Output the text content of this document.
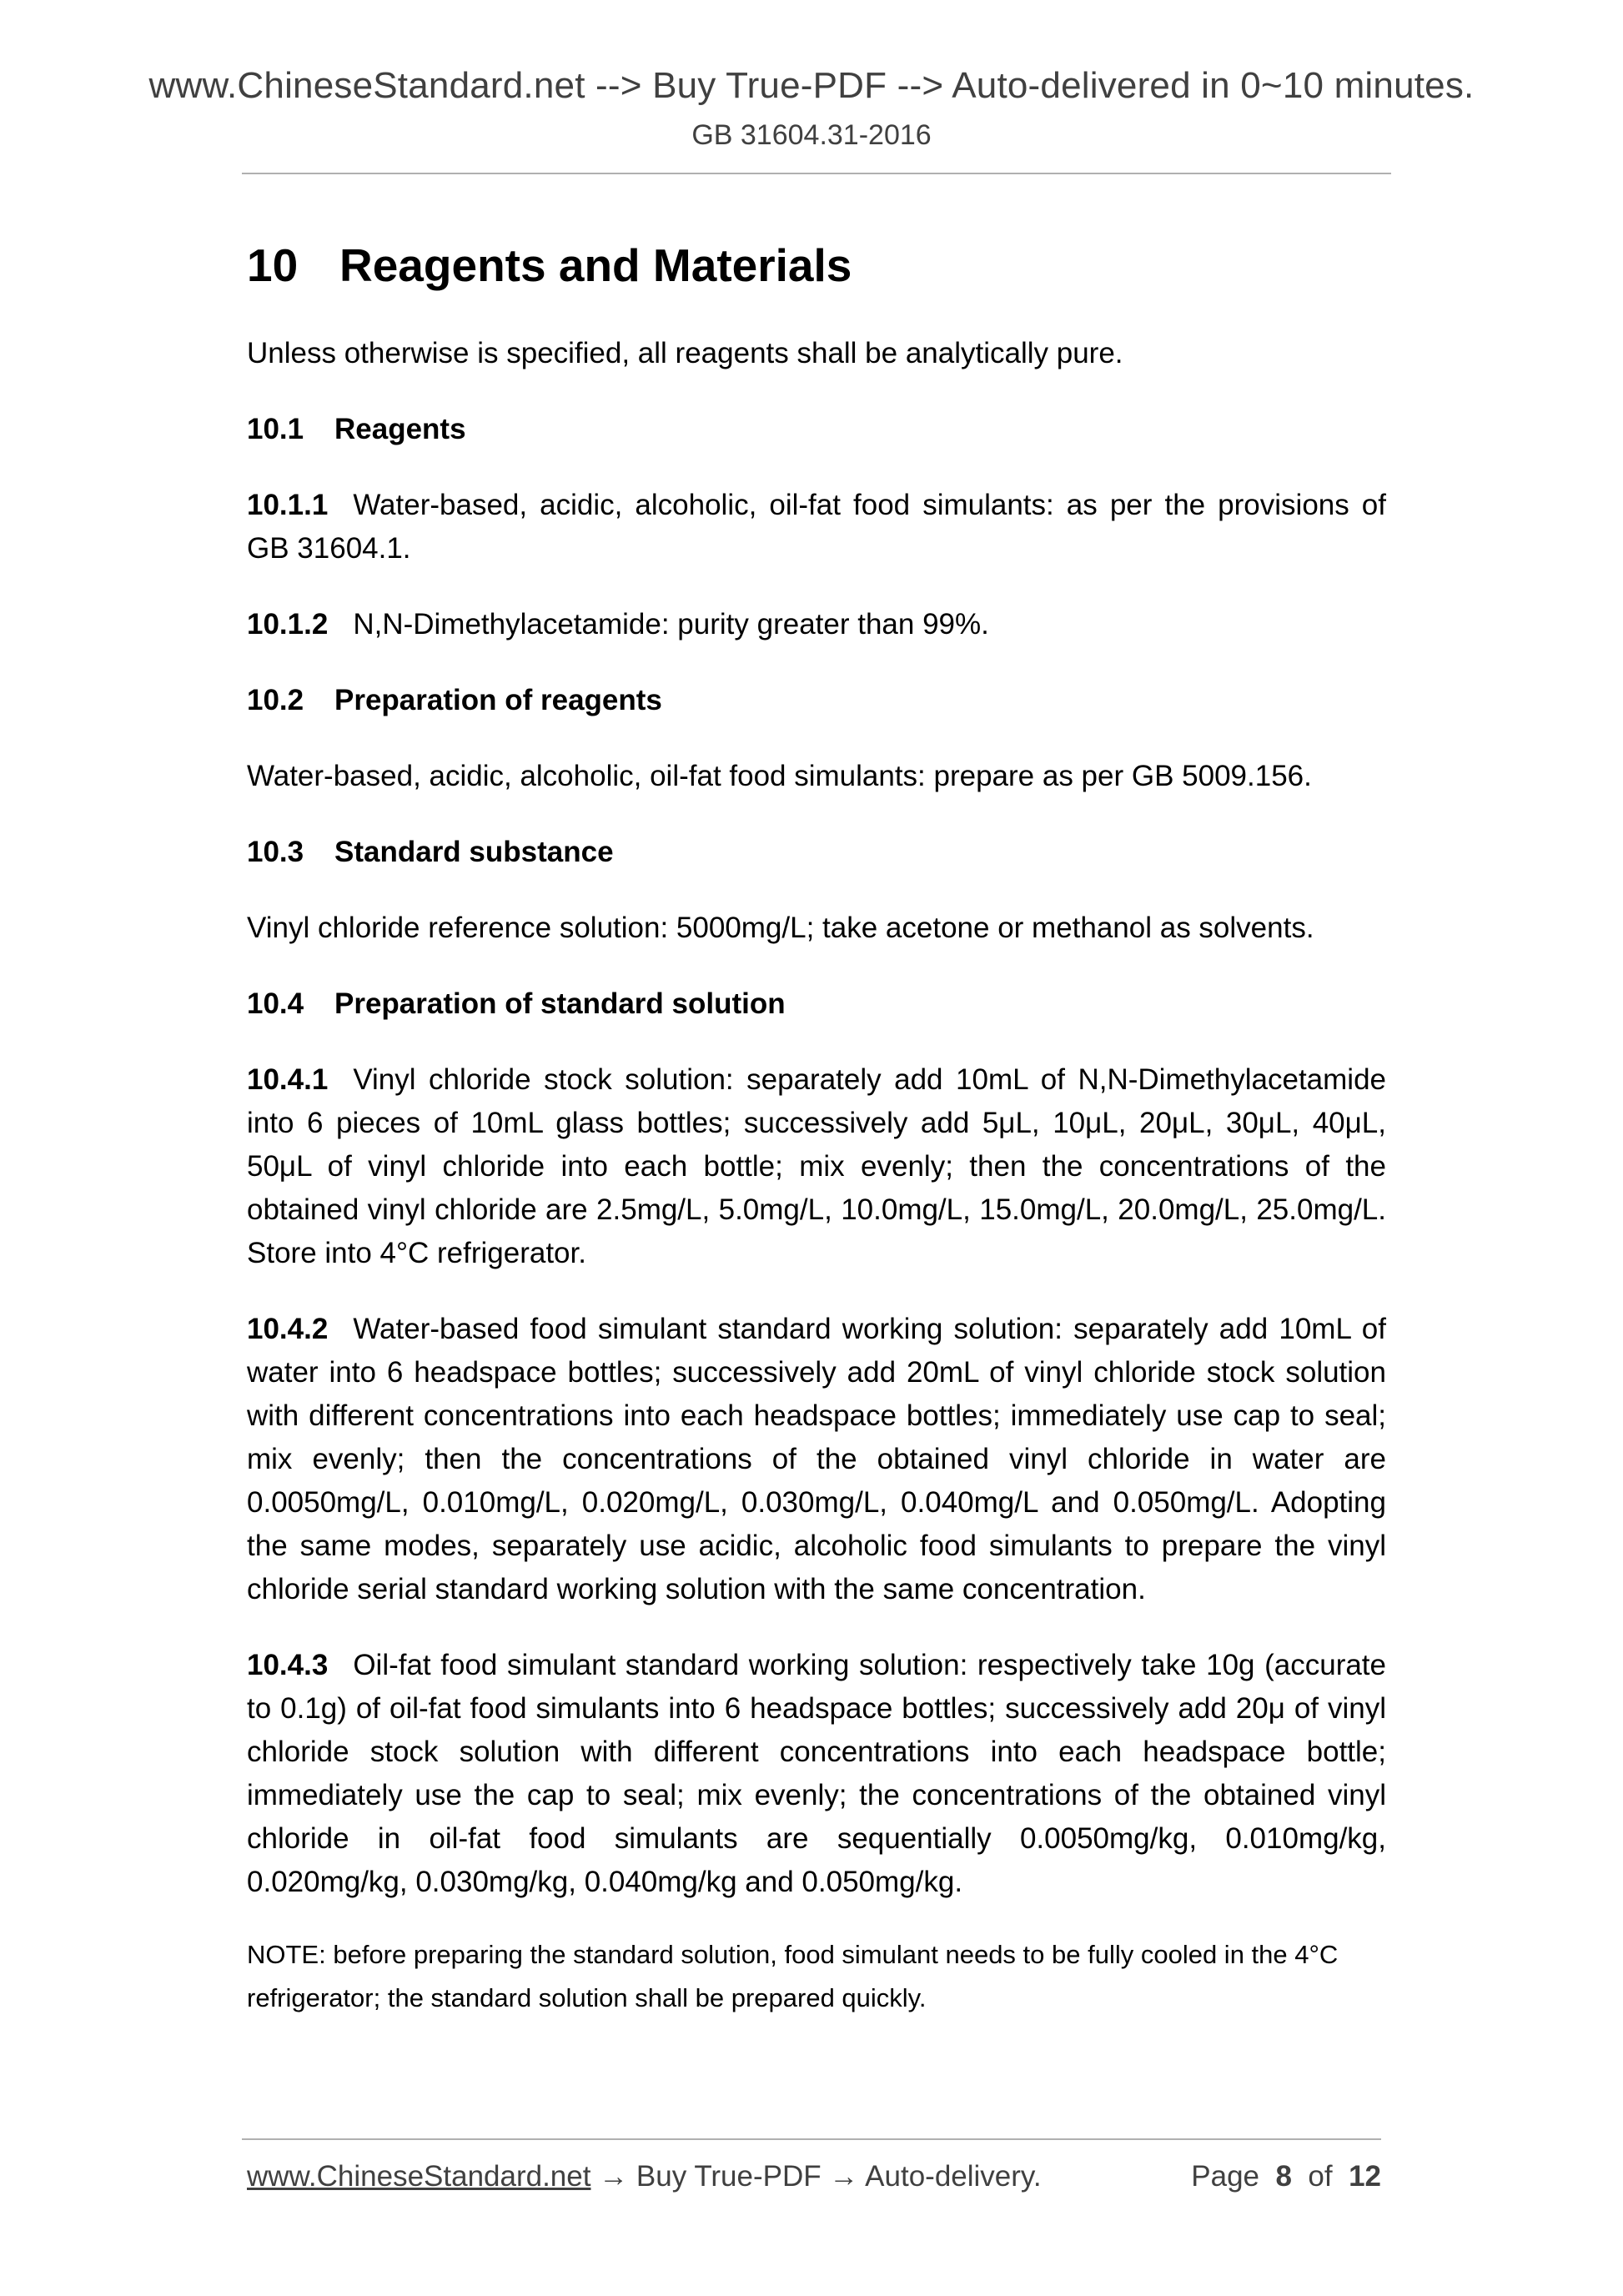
www.ChineseStandard.net --> Buy True-PDF --> Auto-delivered in 0~10 minutes.
GB 31604.31-2016
10 Reagents and Materials
Unless otherwise is specified, all reagents shall be analytically pure.
10.1	Reagents
10.1.1 Water-based, acidic, alcoholic, oil-fat food simulants: as per the provisions of GB 31604.1.
10.1.2 N,N-Dimethylacetamide: purity greater than 99%.
10.2	Preparation of reagents
Water-based, acidic, alcoholic, oil-fat food simulants: prepare as per GB 5009.156.
10.3	Standard substance
Vinyl chloride reference solution: 5000mg/L; take acetone or methanol as solvents.
10.4	Preparation of standard solution
10.4.1 Vinyl chloride stock solution: separately add 10mL of N,N-Dimethylacetamide into 6 pieces of 10mL glass bottles; successively add 5μL, 10μL, 20μL, 30μL, 40μL, 50μL of vinyl chloride into each bottle; mix evenly; then the concentrations of the obtained vinyl chloride are 2.5mg/L, 5.0mg/L, 10.0mg/L, 15.0mg/L, 20.0mg/L, 25.0mg/L. Store into 4°C refrigerator.
10.4.2 Water-based food simulant standard working solution: separately add 10mL of water into 6 headspace bottles; successively add 20mL of vinyl chloride stock solution with different concentrations into each headspace bottles; immediately use cap to seal; mix evenly; then the concentrations of the obtained vinyl chloride in water are 0.0050mg/L, 0.010mg/L, 0.020mg/L, 0.030mg/L, 0.040mg/L and 0.050mg/L. Adopting the same modes, separately use acidic, alcoholic food simulants to prepare the vinyl chloride serial standard working solution with the same concentration.
10.4.3 Oil-fat food simulant standard working solution: respectively take 10g (accurate to 0.1g) of oil-fat food simulants into 6 headspace bottles; successively add 20μ of vinyl chloride stock solution with different concentrations into each headspace bottle; immediately use the cap to seal; mix evenly; the concentrations of the obtained vinyl chloride in oil-fat food simulants are sequentially 0.0050mg/kg, 0.010mg/kg, 0.020mg/kg, 0.030mg/kg, 0.040mg/kg and 0.050mg/kg.
NOTE: before preparing the standard solution, food simulant needs to be fully cooled in the 4°C refrigerator; the standard solution shall be prepared quickly.
www.ChineseStandard.net → Buy True-PDF → Auto-delivery.	Page 8 of 12
